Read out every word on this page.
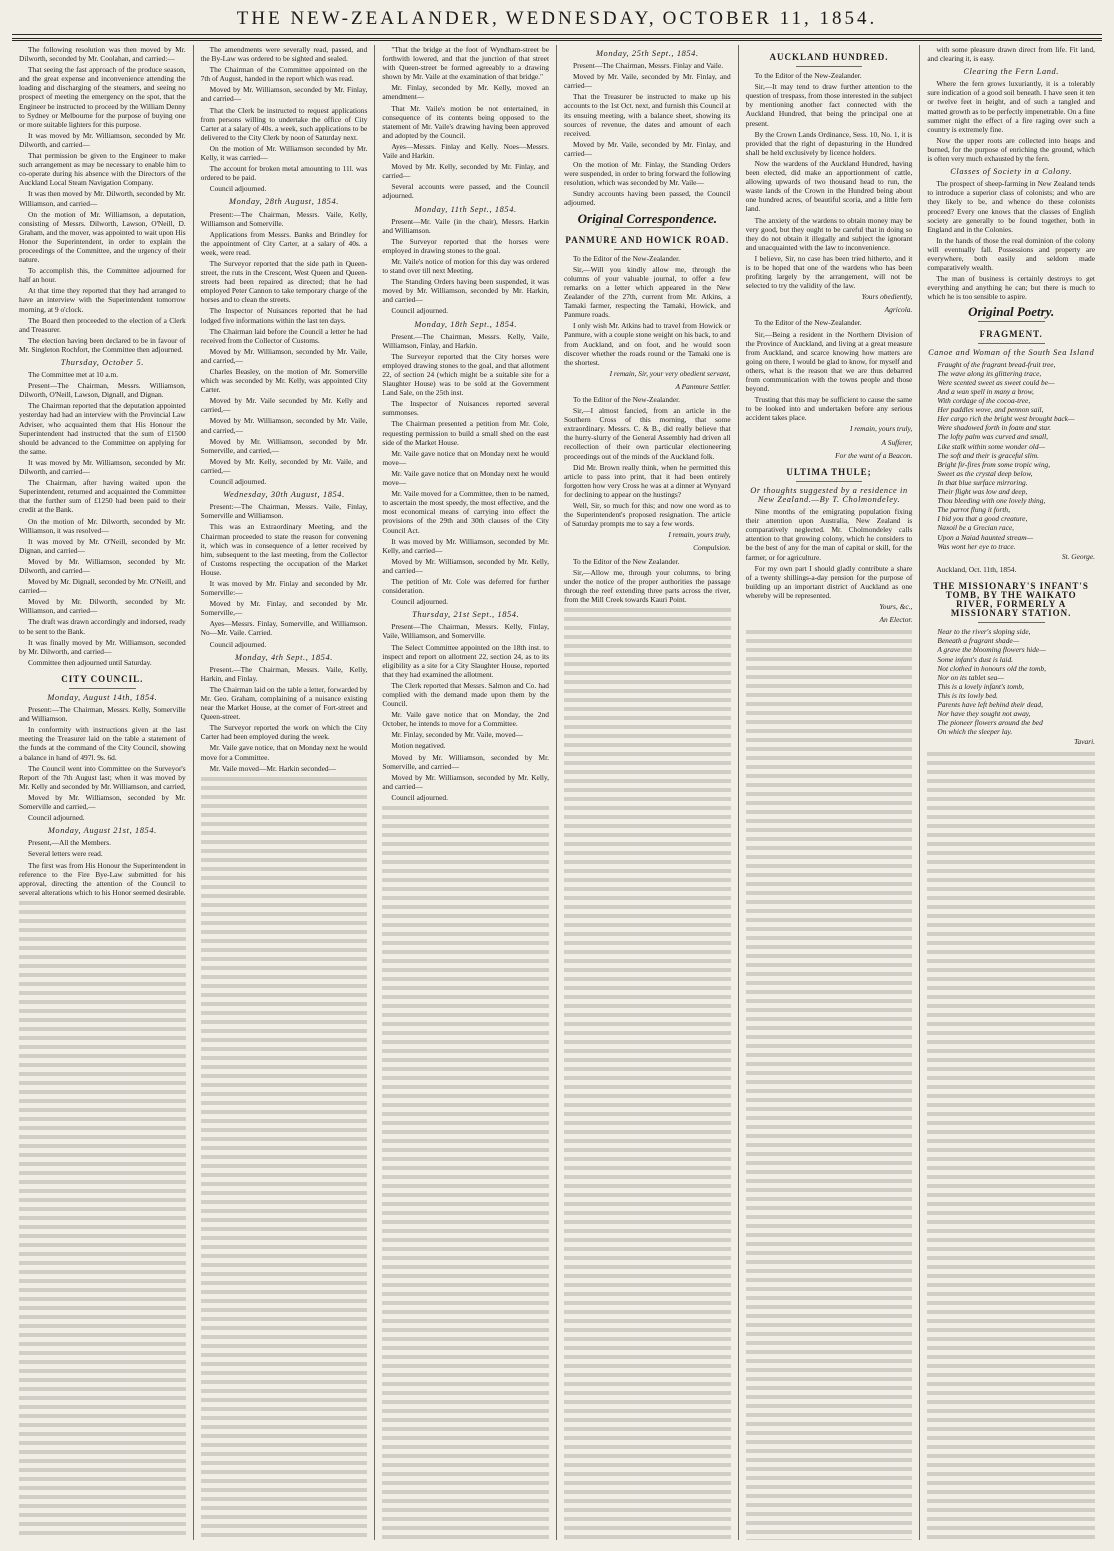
THE NEW-ZEALANDER, WEDNESDAY, OCTOBER 11, 1854.

The following resolution was then moved by Mr. Dilworth, seconded by Mr. Coolahan, and carried:—

That seeing the fast approach of the produce season, and the great expense and inconvenience attending the loading and discharging of the steamers, and seeing no prospect of meeting the emergency on the spot, that the Engineer be instructed to proceed by the William Denny to Sydney or Melbourne for the purpose of buying one or more suitable lighters for this purpose.

It was moved by Mr. Williamson, seconded by Mr. Dilworth, and carried—

That permission be given to the Engineer to make such arrangement as may be necessary to enable him to co-operate during his absence with the Directors of the Auckland Local Steam Navigation Company.

It was then moved by Mr. Dilworth, seconded by Mr. Williamson, and carried—

On the motion of Mr. Williamson, a deputation, consisting of Messrs. Dilworth, Lawson, O'Neill, D. Graham, and the mover, was appointed to wait upon His Honor the Superintendent, in order to explain the proceedings of the Committee, and the urgency of their nature.

To accomplish this, the Committee adjourned for half an hour.

At that time they reported that they had arranged to have an interview with the Superintendent tomorrow morning, at 9 o'clock.

The Board then proceeded to the election of a Clerk and Treasurer.

The election having been declared to be in favour of Mr. Singleton Rochfort, the Committee then adjourned.

Thursday, October 5.

The Committee met at 10 a.m.

Present—The Chairman, Messrs. Williamson, Dilworth, O'Neill, Lawson, Dignall, and Dignan.

The Chairman reported that the deputation appointed yesterday had had an interview with the Provincial Law Adviser, who acquainted them that His Honour the Superintendent had instructed that the sum of £1500 should be advanced to the Committee on applying for the same.

It was moved by Mr. Williamson, seconded by Mr. Dilworth, and carried—

The Chairman, after having waited upon the Superintendent, returned and acquainted the Committee that the further sum of £1250 had been paid to their credit at the Bank.

On the motion of Mr. Dilworth, seconded by Mr. Williamson, it was resolved—

It was moved by Mr. O'Neill, seconded by Mr. Dignan, and carried—

Moved by Mr. Williamson, seconded by Mr. Dilworth, and carried—

Moved by Mr. Dignall, seconded by Mr. O'Neill, and carried—

Moved by Mr. Dilworth, seconded by Mr. Williamson, and carried—

The draft was drawn accordingly and indorsed, ready to be sent to the Bank.

It was finally moved by Mr. Williamson, seconded by Mr. Dilworth, and carried—

Committee then adjourned until Saturday.

CITY COUNCIL.
Monday, August 14th, 1854.

Present:—The Chairman, Messrs. Kelly, Somerville and Williamson.

In conformity with instructions given at the last meeting the Treasurer laid on the table a statement of the funds at the command of the City Council, showing a balance in hand of 497l. 9s. 6d.

The Council went into Committee on the Surveyor's Report of the 7th August last; when it was moved by Mr. Kelly and seconded by Mr. Williamson, and carried,

Moved by Mr. Williamson, seconded by Mr. Somerville and carried,—

Council adjourned.

Monday, August 21st, 1854.

Present,—All the Members.

Several letters were read.

The first was from His Honour the Superintendent in reference to the Fire Bye-Law submitted for his approval, directing the attention of the Council to several alterations which to his Honor seemed desirable.

The amendments were severally read, passed, and the By-Law was ordered to be sighted and sealed.

The Chairman of the Committee appointed on the 7th of August, handed in the report which was read.

Moved by Mr. Williamson, seconded by Mr. Finlay, and carried—

That the Clerk be instructed to request applications from persons willing to undertake the office of City Carter at a salary of 40s. a week, such applications to be delivered to the City Clerk by noon of Saturday next.

On the motion of Mr. Williamson seconded by Mr. Kelly, it was carried—

The account for broken metal amounting to 11l. was ordered to be paid.

Council adjourned.

Monday, 28th August, 1854.

Present:—The Chairman, Messrs. Vaile, Kelly, Williamson and Somerville.

Applications from Messrs. Banks and Brindley for the appointment of City Carter, at a salary of 40s. a week, were read.

The Surveyor reported that the side path in Queen-street, the ruts in the Crescent, West Queen and Queen-streets had been repaired as directed; that he had employed Peter Cannon to take temporary charge of the horses and to clean the streets.

The Inspector of Nuisances reported that he had lodged five informations within the last ten days.

The Chairman laid before the Council a letter he had received from the Collector of Customs.

Moved by Mr. Williamson, seconded by Mr. Vaile, and carried,—

Charles Beasley, on the motion of Mr. Somerville which was seconded by Mr. Kelly, was appointed City Carter.

Moved by Mr. Vaile seconded by Mr. Kelly and carried,—

Moved by Mr. Williamson, seconded by Mr. Vaile, and carried,—

Moved by Mr. Williamson, seconded by Mr. Somerville, and carried,—

Moved by Mr. Kelly, seconded by Mr. Vaile, and carried,—

Council adjourned.

Wednesday, 30th August, 1854.

Present:—The Chairman, Messrs. Vaile, Finlay, Somerville and Williamson.

This was an Extraordinary Meeting, and the Chairman proceeded to state the reason for convening it, which was in consequence of a letter received by him, subsequent to the last meeting, from the Collector of Customs respecting the occupation of the Market House.

It was moved by Mr. Finlay and seconded by Mr. Somerville:—

Moved by Mr. Finlay, and seconded by Mr. Somerville,—

Ayes—Messrs. Finlay, Somerville, and Williamson. No—Mr. Vaile. Carried.

Council adjourned.

Monday, 4th Sept., 1854.

Present.—The Chairman, Messrs. Vaile, Kelly, Harkin, and Finlay.

The Chairman laid on the table a letter, forwarded by Mr. Geo. Graham, complaining of a nuisance existing near the Market House, at the corner of Fort-street and Queen-street.

The Surveyor reported the work on which the City Carter had been employed during the week.

Mr. Vaile gave notice, that on Monday next he would move for a Committee.

Mr. Vaile moved—Mr. Harkin seconded—

"That the bridge at the foot of Wyndham-street be forthwith lowered, and that the junction of that street with Queen-street be formed agreeably to a drawing shown by Mr. Vaile at the examination of that bridge."

Mr. Finlay, seconded by Mr. Kelly, moved an amendment—

That Mr. Vaile's motion be not entertained, in consequence of its contents being opposed to the statement of Mr. Vaile's drawing having been approved and adopted by the Council.

Ayes—Messrs. Finlay and Kelly. Noes—Messrs. Vaile and Harkin.

Moved by Mr. Kelly, seconded by Mr. Finlay, and carried—

Several accounts were passed, and the Council adjourned.

Monday, 11th Sept., 1854.

Present—Mr. Vaile (in the chair), Messrs. Harkin and Williamson.

The Surveyor reported that the horses were employed in drawing stones to the goal.

Mr. Vaile's notice of motion for this day was ordered to stand over till next Meeting.

The Standing Orders having been suspended, it was moved by Mr. Williamson, seconded by Mr. Harkin, and carried—

Council adjourned.

Monday, 18th Sept., 1854.

Present.—The Chairman, Messrs. Kelly, Vaile, Williamson, Finlay, and Harkin.

The Surveyor reported that the City horses were employed drawing stones to the goal, and that allotment 22, of section 24 (which might be a suitable site for a Slaughter House) was to be sold at the Government Land Sale, on the 25th inst.

The Inspector of Nuisances reported several summonses.

The Chairman presented a petition from Mr. Cole, requesting permission to build a small shed on the east side of the Market House.

Mr. Vaile gave notice that on Monday next he would move—

Mr. Vaile gave notice that on Monday next he would move—

Mr. Vaile moved for a Committee, then to be named, to ascertain the most speedy, the most effective, and the most economical means of carrying into effect the provisions of the 29th and 30th clauses of the City Council Act.

It was moved by Mr. Williamson, seconded by Mr. Kelly, and carried—

Moved by Mr. Williamson, seconded by Mr. Kelly, and carried—

The petition of Mr. Cole was deferred for further consideration.

Council adjourned.

Thursday, 21st Sept., 1854.

Present—The Chairman, Messrs. Kelly, Finlay, Vaile, Williamson, and Somerville.

The Select Committee appointed on the 18th inst. to inspect and report on allotment 22, section 24, as to its eligibility as a site for a City Slaughter House, reported that they had examined the allotment.

The Clerk reported that Messrs. Salmon and Co. had complied with the demand made upon them by the Council.

Mr. Vaile gave notice that on Monday, the 2nd October, he intends to move for a Committee.

Mr. Finlay, seconded by Mr. Vaile, moved—

Motion negatived.

Moved by Mr. Williamson, seconded by Mr. Somerville, and carried—

Moved by Mr. Williamson, seconded by Mr. Kelly, and carried—

Council adjourned.

Monday, 25th Sept., 1854.

Present—The Chairman, Messrs. Finlay and Vaile.

Moved by Mr. Vaile, seconded by Mr. Finlay, and carried—

That the Treasurer be instructed to make up his accounts to the 1st Oct. next, and furnish this Council at its ensuing meeting, with a balance sheet, showing its sources of revenue, the dates and amount of each received.

Moved by Mr. Vaile, seconded by Mr. Finlay, and carried—

On the motion of Mr. Finlay, the Standing Orders were suspended, in order to bring forward the following resolution, which was seconded by Mr. Vaile—

Sundry accounts having been passed, the Council adjourned.

Original Correspondence.
PANMURE AND HOWICK ROAD.

To the Editor of the New-Zealander.

Sir,—Will you kindly allow me, through the columns of your valuable journal, to offer a few remarks on a letter which appeared in the New Zealander of the 27th, current from Mr. Atkins, a Tamaki farmer, respecting the Tamaki, Howick, and Panmure roads.

I only wish Mr. Atkins had to travel from Howick or Panmure, with a couple stone weight on his back, to and from Auckland, and on foot, and he would soon discover whether the roads round or the Tamaki one is the shortest.

I remain, Sir, your very obedient servant,
A Panmure Settler.

To the Editor of the New-Zealander.

Sir,—I almost fancied, from an article in the Southern Cross of this morning, that some extraordinary. Messrs. C. & B., did really believe that the hurry-slurry of the General Assembly had driven all recollection of their own particular electioneering proceedings out of the minds of the Auckland folk.

Did Mr. Brown really think, when he permitted this article to pass into print, that it had been entirely forgotten how very Cross he was at a dinner at Wynyard for declining to appear on the hustings?

Well, Sir, so much for this; and now one word as to the Superintendent's proposed resignation. The article of Saturday prompts me to say a few words.

I remain, yours truly,
Compulsion.

To the Editor of the New Zealander.

Sir,—Allow me, through your columns, to bring under the notice of the proper authorities the passage through the reef extending three parts across the river, from the Mill Creek towards Kauri Point.

AUCKLAND HUNDRED.

To the Editor of the New-Zealander.

Sir,—It may tend to draw further attention to the question of trespass, from those interested in the subject by mentioning another fact connected with the Auckland Hundred, that being the principal one at present.

By the Crown Lands Ordinance, Sess. 10, No. 1, it is provided that the right of depasturing in the Hundred shall be held exclusively by licence holders.

Now the wardens of the Auckland Hundred, having been elected, did make an apportionment of cattle, allowing upwards of two thousand head to run, the waste lands of the Crown in the Hundred being about one hundred acres, of beautiful scoria, and a little fern land.

The anxiety of the wardens to obtain money may be very good, but they ought to be careful that in doing so they do not obtain it illegally and subject the ignorant and unacquainted with the law to inconvenience.

I believe, Sir, no case has been tried hitherto, and it is to be hoped that one of the wardens who has been profiting largely by the arrangement, will not be selected to try the validity of the law.

Yours obediently,
Agricola.

To the Editor of the New-Zealander.

Sir,—Being a resident in the Northern Division of the Province of Auckland, and living at a great measure from Auckland, and scarce knowing how matters are going on there, I would be glad to know, for myself and others, what is the reason that we are thus debarred from communication with the towns people and those beyond.

Trusting that this may be sufficient to cause the same to be looked into and undertaken before any serious accident takes place.

I remain, yours truly,
A Sufferer,
For the want of a Beacon.
ULTIMA THULE;
Or thoughts suggested by a residence in New Zealand.—By T. Cholmondeley.

Nine months of the emigrating population fixing their attention upon Australia, New Zealand is comparatively neglected. Mr. Cholmondeley calls attention to that growing colony, which he considers to be the best of any for the man of capital or skill, for the farmer, or for agriculture.

For my own part I should gladly contribute a share of a twenty shillings-a-day pension for the purpose of building up an important district of Auckland as one whereby will be represented.

Yours, &c.,
An Elector.

with some pleasure drawn direct from life. Fit land, and clearing it, is easy.

Clearing the Fern Land.

Where the fern grows luxuriantly, it is a tolerably sure indication of a good soil beneath. I have seen it ten or twelve feet in height, and of such a tangled and matted growth as to be perfectly impenetrable. On a fine summer night the effect of a fire raging over such a country is extremely fine.

Now the upper roots are collected into heaps and burned, for the purpose of enriching the ground, which is often very much exhausted by the fern.

Classes of Society in a Colony.

The prospect of sheep-farming in New Zealand tends to introduce a superior class of colonists; and who are they likely to be, and whence do these colonists proceed? Every one knows that the classes of English society are generally to be found together, both in England and in the Colonies.

In the hands of those the real dominion of the colony will eventually fall. Possessions and property are everywhere, both easily and seldom made comparatively wealth.

The man of business is certainly destroys to get everything and anything he can; but there is much to which he is too sensible to aspire.

Original Poetry.
FRAGMENT.
Canoe and Woman of the South Sea Island

Fraught of the fragrant bread-fruit tree,

The wave along its glittering trace,

Were scented sweet as sweet could be—

And a wan spell in many a brow,

With cordage of the cocoa-tree,

Her paddles wove, and pennon sail,

Her cargo rich the bright west brought back—

Were shadowed forth in foam and star.

The lofty palm was curved and small,

Like stalk within some wonder old—

The soft and their is graceful slim.

Bright fir-fires from some tropic wing,

Sweet as the crystal deep below,

In that blue surface mirroring.

Their flight was low and deep,

Thou bleeding with one lovely thing,

The parrot flung it forth,

I bid you that a good creature,

Naxoil be a Grecian race,

Upon a Naiad haunted stream—

Was wont her eye to trace.

St. George.

Auckland, Oct. 11th, 1854.

THE MISSIONARY'S INFANT'S TOMB, BY THE WAIKATO RIVER, FORMERLY A MISSIONARY STATION.

Near to the river's sloping side,

Beneath a fragrant shade—

A grave the blooming flowers hide—

Some infant's dust is laid.

Not clothed in honours old the tomb,

Nor on its tablet sea—

This is a lovely infant's tomb,

This is its lowly bed.

Parents have left behind their dead,

Nor have they sought not away,

The pioneer flowers around the bed

On which the sleeper lay.

Tavari.
